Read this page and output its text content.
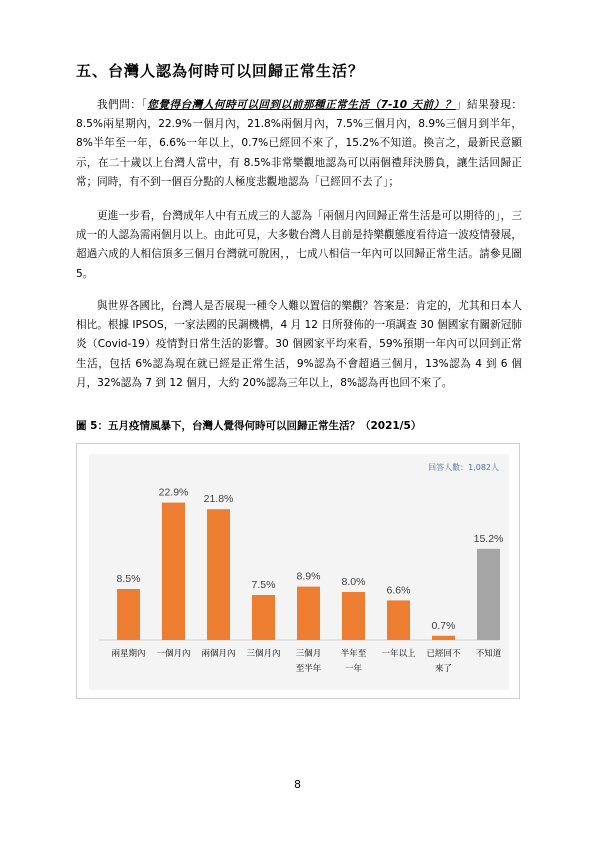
五、台灣人認為何時可以回歸正常生活？

我們問：「您覺得台灣人何時可以回到以前那種正常生活（7-10 天前）？」結果發現：8.5%兩星期內，22.9%一個月內，21.8%兩個月內，7.5%三個月內，8.9%三個月到半年，8%半年至一年，6.6%一年以上，0.7%已經回不來了，15.2%不知道。換言之，最新民意顯示，在二十歲以上台灣人當中，有 8.5%非常樂觀地認為可以兩個禮拜決勝負，讓生活回歸正常；同時，有不到一個百分點的人極度悲觀地認為「已經回不去了」；

更進一步看，台灣成年人中有五成三的人認為「兩個月內回歸正常生活是可以期待的」，三成一的人認為需兩個月以上。由此可見，大多數台灣人目前是持樂觀態度看待這一波疫情發展，超過六成的人相信頂多三個月台灣就可脫困，，七成八相信一年內可以回歸正常生活。請參見圖 5。

與世界各國比，台灣人是否展現一種令人難以置信的樂觀？答案是：肯定的，尤其和日本人相比。根據 IPSOS，一家法國的民調機構，4 月 12 日所發佈的一項調查 30 個國家有關新冠肺炎（Covid-19）疫情對日常生活的影響。30 個國家平均來看，59%預期一年內可以回到正常生活，包括 6%認為現在就已經是正常生活，9%認為不會超過三個月，13%認為 4 到 6 個月，32%認為 7 到 12 個月，大約 20%認為三年以上，8%認為再也回不來了。

圖 5：五月疫情風暴下，台灣人覺得何時可以回歸正常生活？（2021/5）
回答人數：1,082人
8.5%
兩星期內
22.9%
一個月內
21.8%
兩個月內
7.5%
三個月內
8.9%
三個月
至半年
8.0%
半年至
一年
6.6%
一年以上
0.7%
已經回不
來了
15.2%
不知道
8
